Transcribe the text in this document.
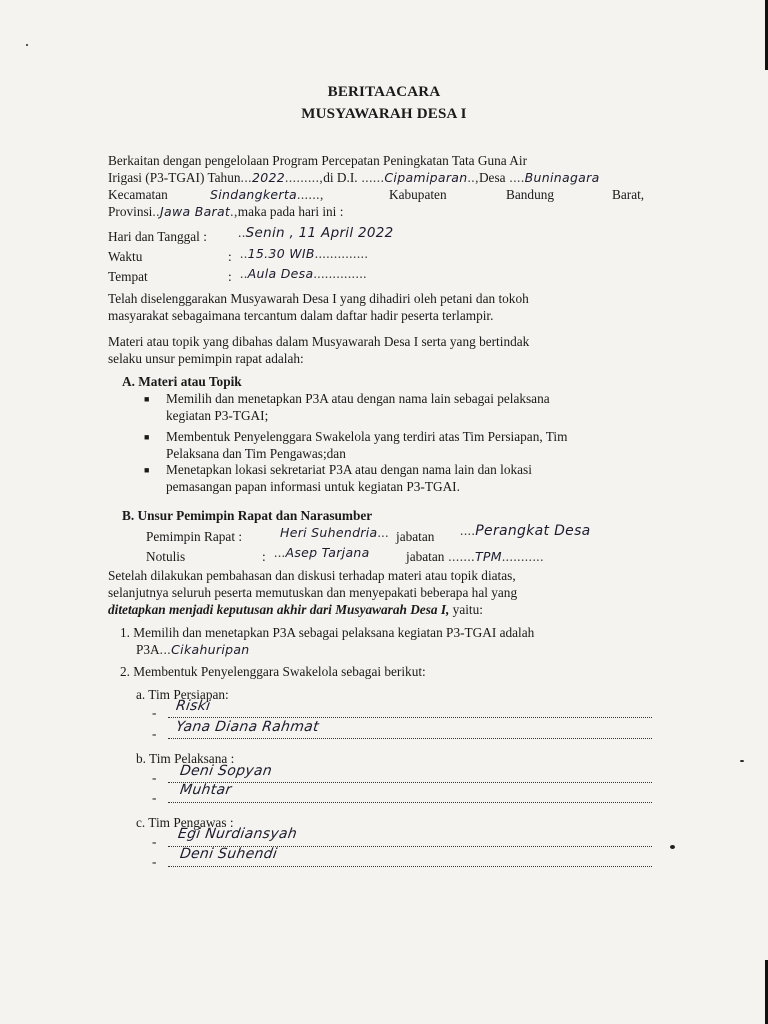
BERITAACARA
MUSYAWARAH DESA I
Berkaitan dengan pengelolaan Program Percepatan Peningkatan Tata Guna Air
Irigasi (P3-TGAI) Tahun...2022.........,di D.I. ......Cipamiparan..,Desa ....Buninagara
Kecamatan	Sindangkerta......,	Kabupaten	Bandung	Barat,
Provinsi..Jawa Barat.,maka pada hari ini :
Hari dan Tanggal : ..Senin , 11 April 2022
Waktu	: ..15.30 WIB..............
Tempat	: ..Aula Desa..............
Telah diselenggarakan Musyawarah Desa I yang dihadiri oleh petani dan tokoh
masyarakat sebagaimana tercantum dalam daftar hadir peserta terlampir.
Materi atau topik yang dibahas dalam Musyawarah Desa I serta yang bertindak
selaku unsur pemimpin rapat adalah:
A. Materi atau Topik
■ Memilih dan menetapkan P3A atau dengan nama lain sebagai pelaksana
kegiatan P3-TGAI;
■ Membentuk Penyelenggara Swakelola yang terdiri atas Tim Persiapan, Tim
Pelaksana dan Tim Pengawas;dan
■ Menetapkan lokasi sekretariat P3A atau dengan nama lain dan lokasi
pemasangan papan informasi untuk kegiatan P3-TGAI.
B. Unsur Pemimpin Rapat dan Narasumber
Pemimpin Rapat :	Heri Suhendria... jabatan ....Perangkat Desa
Notulis	: ...Asep Tarjana	jabatan .......TPM...........
Setelah dilakukan pembahasan dan diskusi terhadap materi atau topik diatas,
selanjutnya seluruh peserta memutuskan dan menyepakati beberapa hal yang
ditetapkan menjadi keputusan akhir dari Musyawarah Desa I, yaitu:
1. Memilih dan menetapkan P3A sebagai pelaksana kegiatan P3-TGAI adalah
P3A...Cikahuripan
2. Membentuk Penyelenggara Swakelola sebagai berikut:
a. Tim Persiapan:
- Riski
- Yana Diana Rahmat
b. Tim Pelaksana :
- Deni Sopyan
- Muhtar
c. Tim Pengawas :
- Egi Nurdiansyah
- Deni Suhendi
